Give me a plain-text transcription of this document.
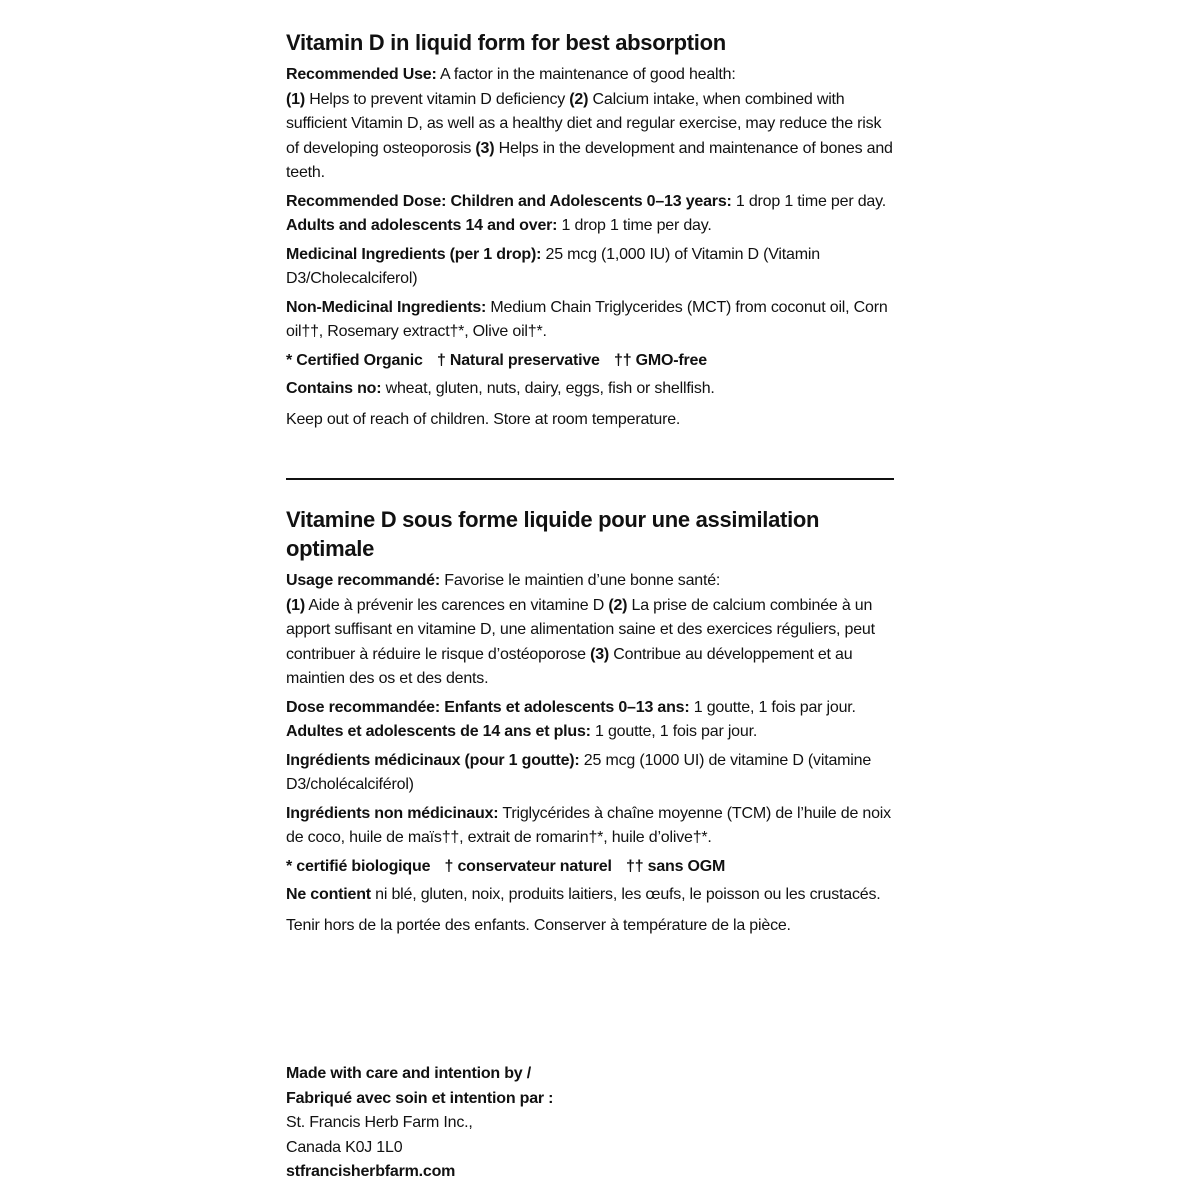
Vitamin D in liquid form for best absorption
Recommended Use: A factor in the maintenance of good health:
(1) Helps to prevent vitamin D deficiency (2) Calcium intake, when combined with sufficient Vitamin D, as well as a healthy diet and regular exercise, may reduce the risk of developing osteoporosis (3) Helps in the development and maintenance of bones and teeth.
Recommended Dose: Children and Adolescents 0–13 years: 1 drop 1 time per day. Adults and adolescents 14 and over: 1 drop 1 time per day.
Medicinal Ingredients (per 1 drop): 25 mcg (1,000 IU) of Vitamin D (Vitamin D3/Cholecalciferol)
Non-Medicinal Ingredients: Medium Chain Triglycerides (MCT) from coconut oil, Corn oil††, Rosemary extract†*, Olive oil†*.
* Certified Organic † Natural preservative †† GMO-free
Contains no: wheat, gluten, nuts, dairy, eggs, fish or shellfish.
Keep out of reach of children. Store at room temperature.
Vitamine D sous forme liquide pour une assimilation optimale
Usage recommandé: Favorise le maintien d’une bonne santé:
(1) Aide à prévenir les carences en vitamine D (2) La prise de calcium combinée à un apport suffisant en vitamine D, une alimentation saine et des exercices réguliers, peut contribuer à réduire le risque d’ostéoporose (3) Contribue au développement et au maintien des os et des dents.
Dose recommandée: Enfants et adolescents 0–13 ans: 1 goutte, 1 fois par jour. Adultes et adolescents de 14 ans et plus: 1 goutte, 1 fois par jour.
Ingrédients médicinaux (pour 1 goutte): 25 mcg (1000 UI) de vitamine D (vitamine D3/cholécalciférol)
Ingrédients non médicinaux: Triglycérides à chaîne moyenne (TCM) de l’huile de noix de coco, huile de maïs††, extrait de romarin†*, huile d’olive†*.
* certifié biologique † conservateur naturel †† sans OGM
Ne contient ni blé, gluten, noix, produits laitiers, les œufs, le poisson ou les crustacés.
Tenir hors de la portée des enfants. Conserver à température de la pièce.
Made with care and intention by /
Fabriqué avec soin et intention par :
St. Francis Herb Farm Inc.,
Canada K0J 1L0
stfrancisherbfarm.com
